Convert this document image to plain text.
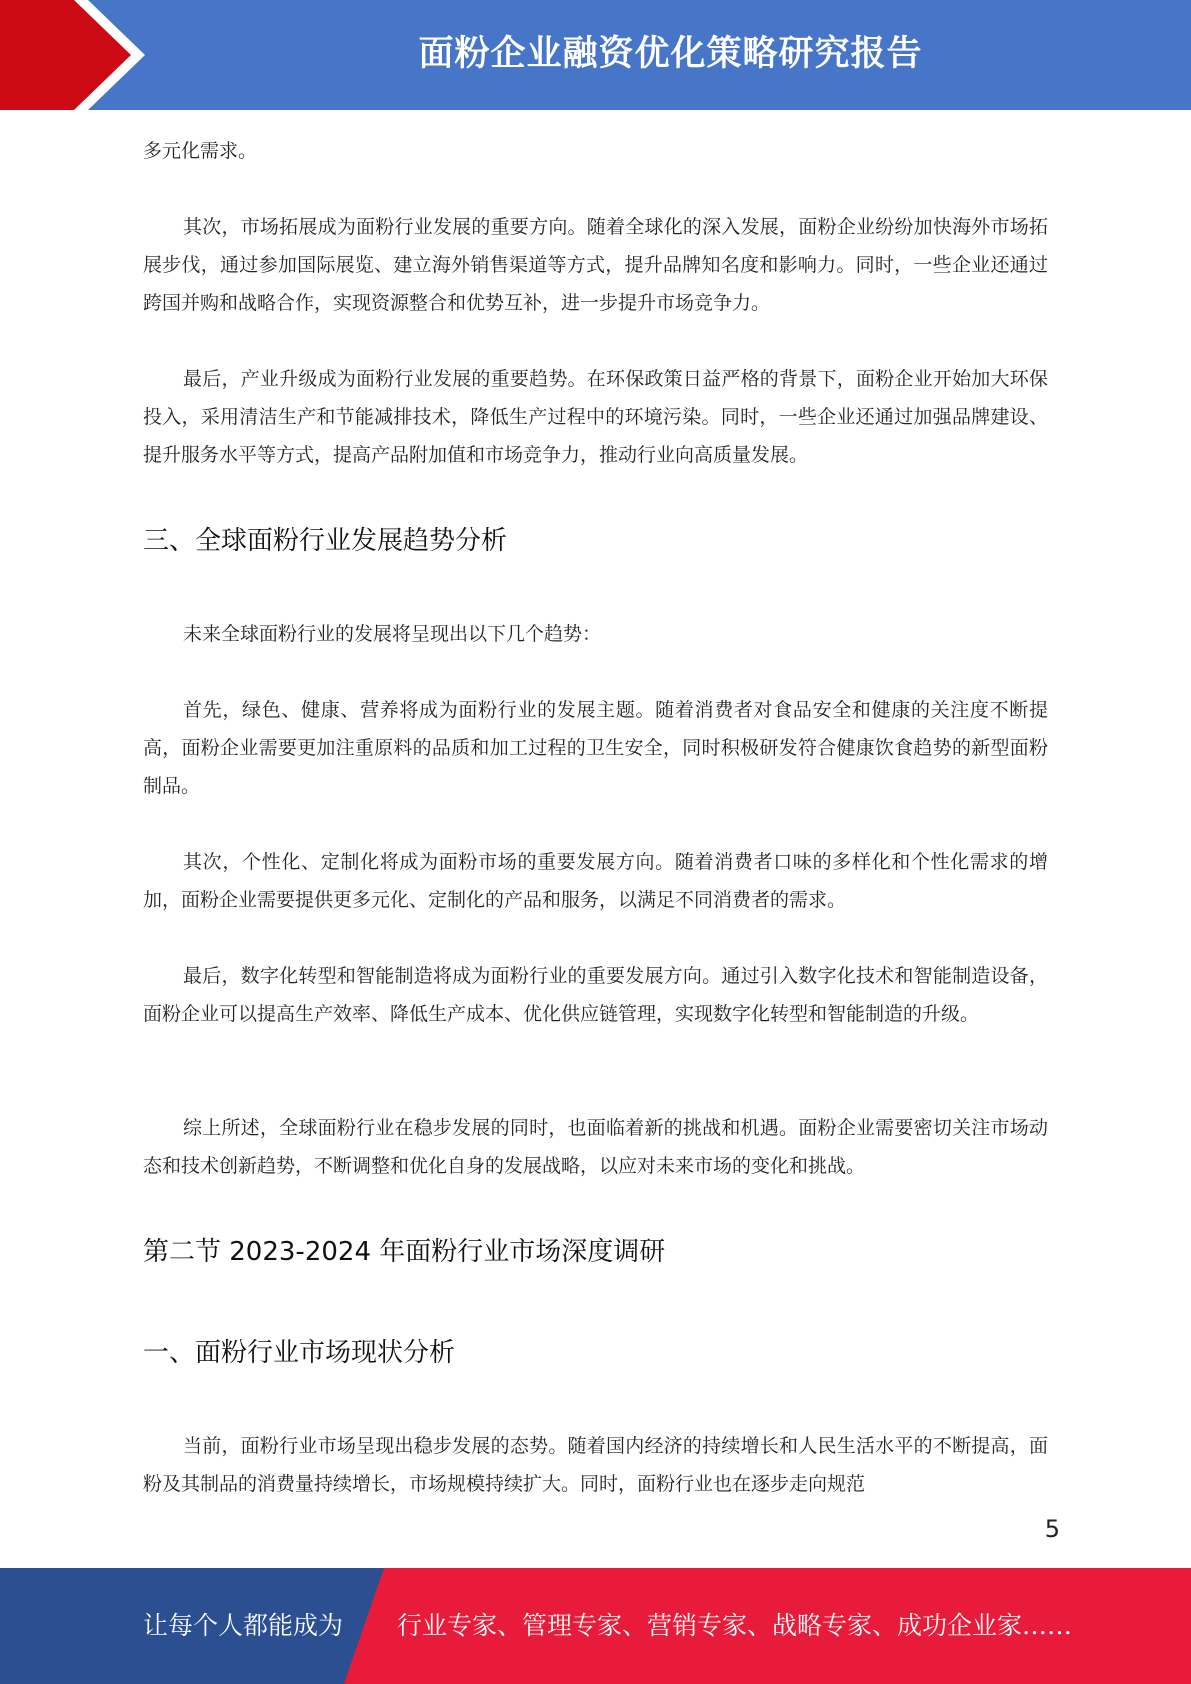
面粉企业融资优化策略研究报告

多元化需求。

其次，市场拓展成为面粉行业发展的重要方向。随着全球化的深入发展，面粉企业纷纷加快海外市场拓展步伐，通过参加国际展览、建立海外销售渠道等方式，提升品牌知名度和影响力。同时，一些企业还通过跨国并购和战略合作，实现资源整合和优势互补，进一步提升市场竞争力。

最后，产业升级成为面粉行业发展的重要趋势。在环保政策日益严格的背景下，面粉企业开始加大环保投入，采用清洁生产和节能减排技术，降低生产过程中的环境污染。同时，一些企业还通过加强品牌建设、提升服务水平等方式，提高产品附加值和市场竞争力，推动行业向高质量发展。

三、全球面粉行业发展趋势分析

未来全球面粉行业的发展将呈现出以下几个趋势：

首先，绿色、健康、营养将成为面粉行业的发展主题。随着消费者对食品安全和健康的关注度不断提高，面粉企业需要更加注重原料的品质和加工过程的卫生安全，同时积极研发符合健康饮食趋势的新型面粉制品。

其次，个性化、定制化将成为面粉市场的重要发展方向。随着消费者口味的多样化和个性化需求的增加，面粉企业需要提供更多元化、定制化的产品和服务，以满足不同消费者的需求。

最后，数字化转型和智能制造将成为面粉行业的重要发展方向。通过引入数字化技术和智能制造设备，面粉企业可以提高生产效率、降低生产成本、优化供应链管理，实现数字化转型和智能制造的升级。

综上所述，全球面粉行业在稳步发展的同时，也面临着新的挑战和机遇。面粉企业需要密切关注市场动态和技术创新趋势，不断调整和优化自身的发展战略，以应对未来市场的变化和挑战。

第二节 2023-2024 年面粉行业市场深度调研
一、面粉行业市场现状分析

当前，面粉行业市场呈现出稳步发展的态势。随着国内经济的持续增长和人民生活水平的不断提高，面粉及其制品的消费量持续增长，市场规模持续扩大。同时，面粉行业也在逐步走向规范

5
让每个人都能成为 行业专家、管理专家、营销专家、战略专家、成功企业家……
